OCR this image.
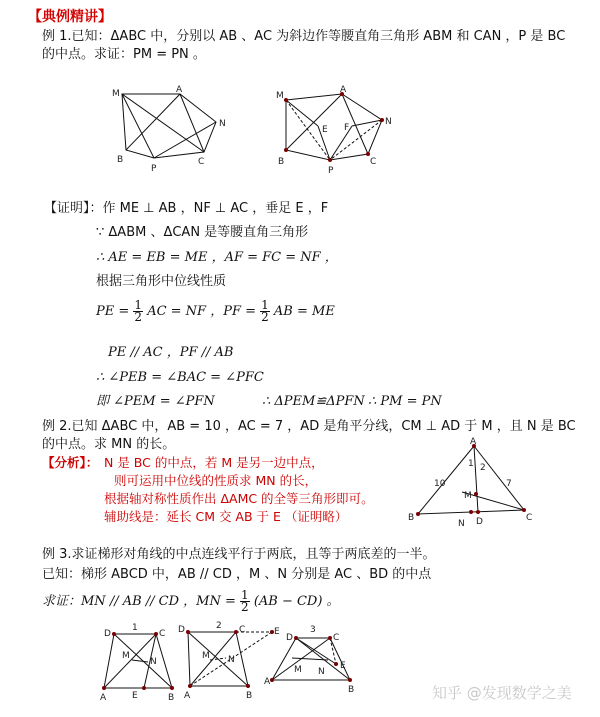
【典例精讲】
例 1.已知：ΔABC 中，分别以 AB 、AC 为斜边作等腰直角三角形 ABM 和 CAN ，P 是 BC
的中点。求证：PM = PN 。
M	A
N
B
P
C
M
A
N
E F
B
P
C
【证明】：作 ME ⊥ AB ，NF ⊥ AC ，垂足 E ，F
∵ ΔABM 、ΔCAN 是等腰直角三角形
∴ AE = EB = ME ，AF = FC = NF ，
根据三角形中位线性质
PE = $\frac{1}{2}$ AC = NF ，PF = $\frac{1}{2}$ AB = ME
PE // AC ，PF // AB
∴ ∠PEB = ∠BAC = ∠PFC
即 ∠PEM = ∠PFN	∴ ΔPEM≌ΔPFN ∴ PM = PN
例 2.已知 ΔABC 中，AB = 10 ，AC = 7 ，AD 是角平分线，CM ⊥ AD 于 M ，且 N 是 BC
的中点。求 MN 的长。
【分析】： N 是 BC 的中点，若 M 是另一边中点，
则可运用中位线的性质求 MN 的长，
根据轴对称性质作出 ΔAMC 的全等三角形即可。
辅助线是：延长 CM 交 AB 于 E （证明略）
A
1 2
10	7
M
B
N D	C
例 3.求证梯形对角线的中点连线平行于两底，且等于两底差的一半。
已知：梯形 ABCD 中，AB // CD ，M 、N 分别是 AC 、BD 的中点
求证：MN // AB // CD ，MN = $\frac{1}{2} (AB - CD)$ 。
1
D	C
M
N
A	E	B
2
D	C	E
M N
A	B
3
D	C
M N
E
A
B	知乎 @发现数学之美
